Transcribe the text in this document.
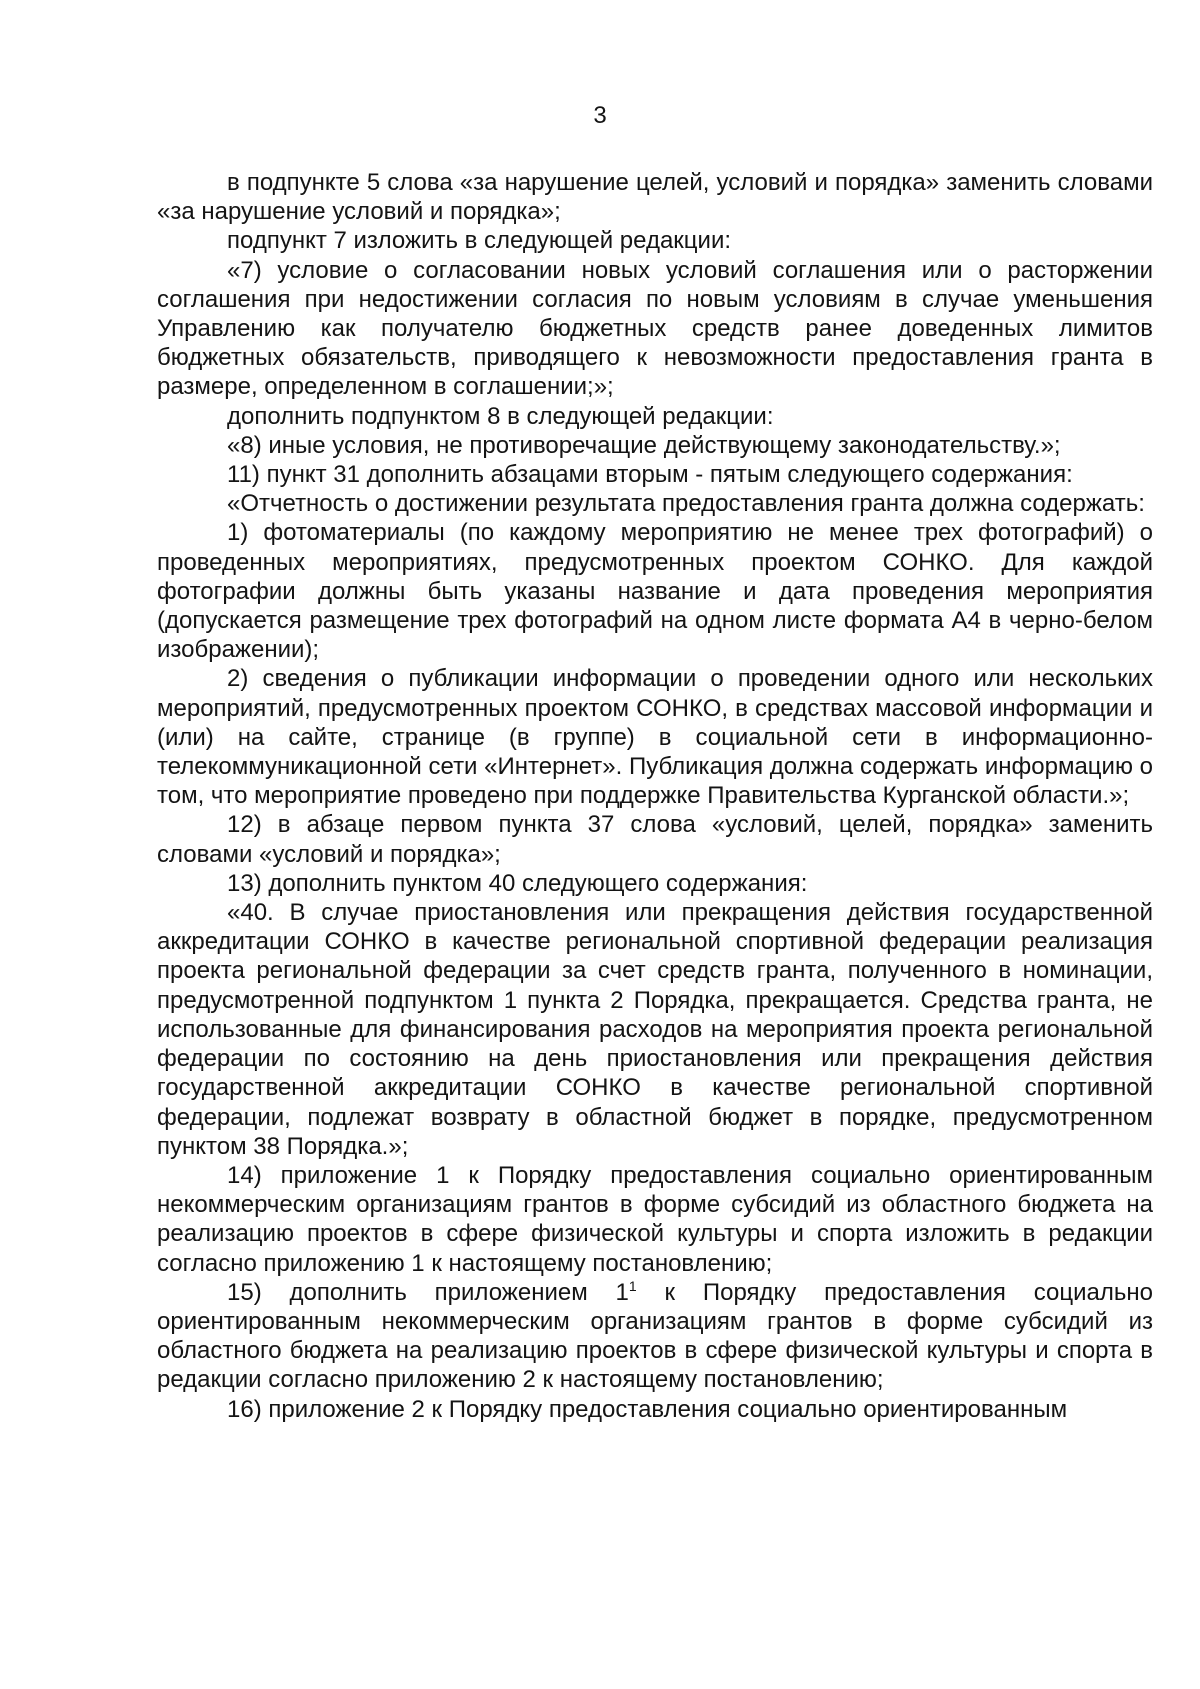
3

в подпункте 5 слова «за нарушение целей, условий и порядка» заменить словами «за нарушение условий и порядка»;

подпункт 7 изложить в следующей редакции:

«7) условие о согласовании новых условий соглашения или о расторжении соглашения при недостижении согласия по новым условиям в случае уменьшения Управлению как получателю бюджетных средств ранее доведенных лимитов бюджетных обязательств, приводящего к невозможности предоставления гранта в размере, определенном в соглашении;»;

дополнить подпунктом 8 в следующей редакции:

«8) иные условия, не противоречащие действующему законодательству.»;

11) пункт 31 дополнить абзацами вторым - пятым следующего содержания:

«Отчетность о достижении результата предоставления гранта должна содержать:

1) фотоматериалы (по каждому мероприятию не менее трех фотографий) о проведенных мероприятиях, предусмотренных проектом СОНКО. Для каждой фотографии должны быть указаны название и дата проведения мероприятия (допускается размещение трех фотографий на одном листе формата А4 в черно-белом изображении);

2) сведения о публикации информации о проведении одного или нескольких мероприятий, предусмотренных проектом СОНКО, в средствах массовой информации и (или) на сайте, странице (в группе) в социальной сети в информационно-телекоммуникационной сети «Интернет». Публикация должна содержать информацию о том, что мероприятие проведено при поддержке Правительства Курганской области.»;

12) в абзаце первом пункта 37 слова «условий, целей, порядка» заменить словами «условий и порядка»;

13) дополнить пунктом 40 следующего содержания:

«40. В случае приостановления или прекращения действия государственной аккредитации СОНКО в качестве региональной спортивной федерации реализация проекта региональной федерации за счет средств гранта, полученного в номинации, предусмотренной подпунктом 1 пункта 2 Порядка, прекращается. Средства гранта, не использованные для финансирования расходов на мероприятия проекта региональной федерации по состоянию на день приостановления или прекращения действия государственной аккредитации СОНКО в качестве региональной спортивной федерации, подлежат возврату в областной бюджет в порядке, предусмотренном пунктом 38 Порядка.»;

14) приложение 1 к Порядку предоставления социально ориентированным некоммерческим организациям грантов в форме субсидий из областного бюджета на реализацию проектов в сфере физической культуры и спорта изложить в редакции согласно приложению 1 к настоящему постановлению;

15) дополнить приложением $1^1$ к Порядку предоставления социально ориентированным некоммерческим организациям грантов в форме субсидий из областного бюджета на реализацию проектов в сфере физической культуры и спорта в редакции согласно приложению 2 к настоящему постановлению;

16) приложение 2 к Порядку предоставления социально ориентированным
